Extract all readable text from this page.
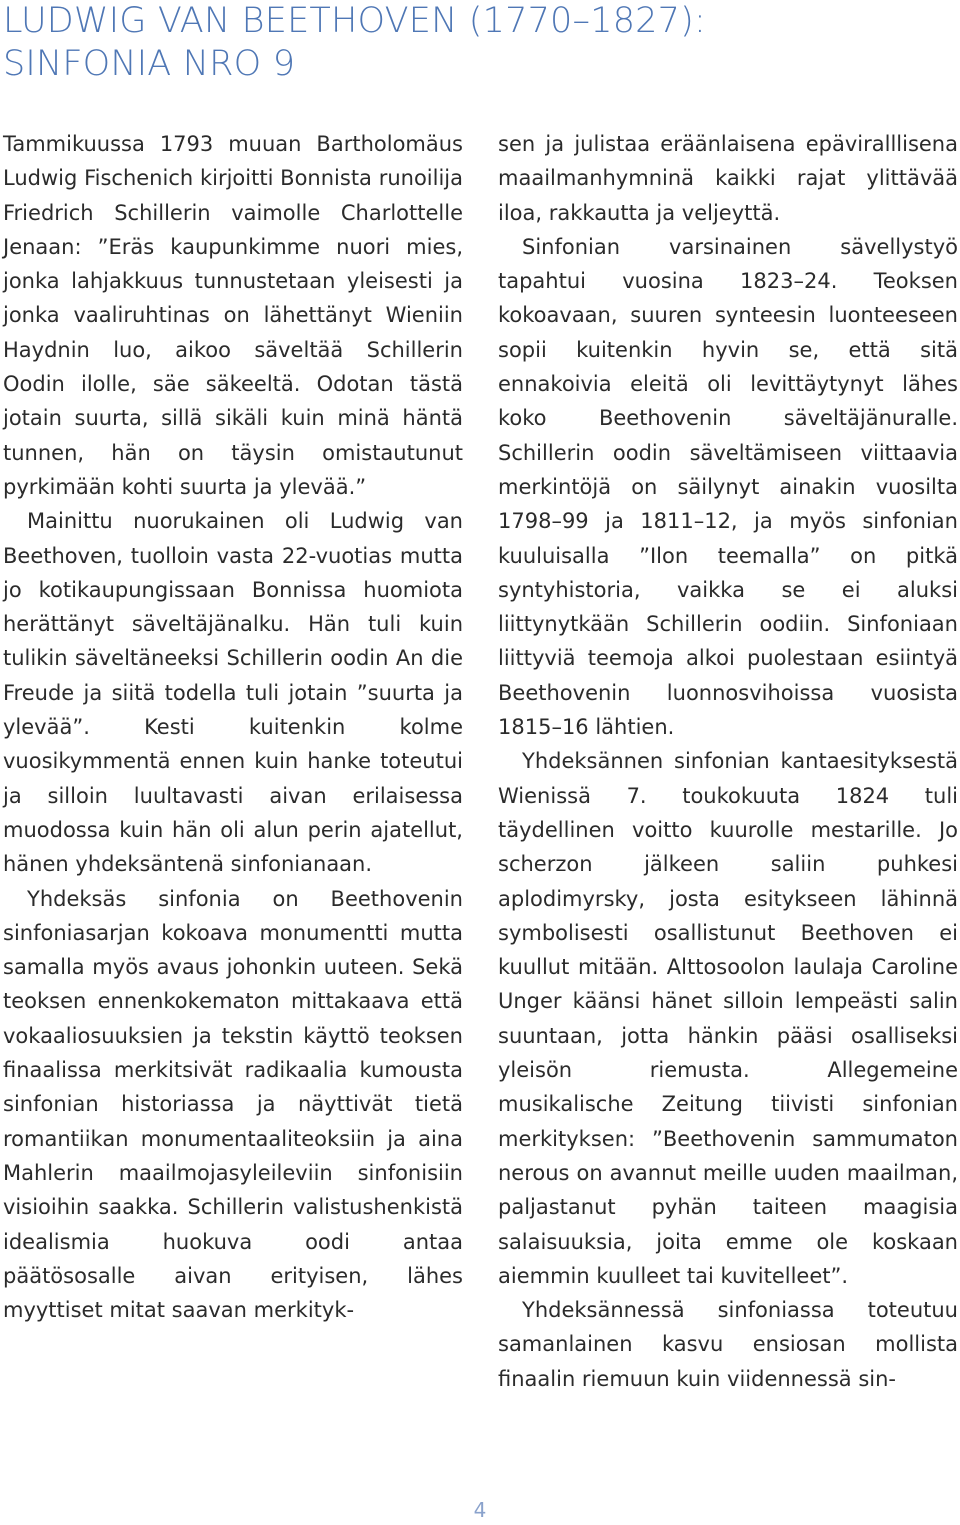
LUDWIG VAN BEETHOVEN (1770–1827):
SINFONIA NRO 9

Tammikuussa 1793 muuan Bartholomäus Ludwig Fischenich kirjoitti Bonnista runoilija Friedrich Schillerin vaimolle Charlottelle Jenaan: ”Eräs kaupunkimme nuori mies, jonka lahjakkuus tunnustetaan yleisesti ja jonka vaaliruhtinas on lähettänyt Wieniin Haydnin luo, aikoo säveltää Schillerin Oodin ilolle, säe säkeeltä. Odotan tästä jotain suurta, sillä sikäli kuin minä häntä tunnen, hän on täysin omistautunut pyrkimään kohti suurta ja ylevää.”

Mainittu nuorukainen oli Ludwig van Beethoven, tuolloin vasta 22-vuotias mutta jo kotikaupungissaan Bonnissa huomiota herättänyt säveltäjänalku. Hän tuli kuin tulikin säveltäneeksi Schillerin oodin An die Freude ja siitä todella tuli jotain ”suurta ja ylevää”. Kesti kuitenkin kolme vuosikymmentä ennen kuin hanke toteutui ja silloin luultavasti aivan erilaisessa muodossa kuin hän oli alun perin ajatellut, hänen yhdeksäntenä sinfonianaan.

Yhdeksäs sinfonia on Beethovenin sinfoniasarjan kokoava monumentti mutta samalla myös avaus johonkin uuteen. Sekä teoksen ennenkokematon mittakaava että vokaaliosuuksien ja tekstin käyttö teoksen finaalissa merkitsivät radikaalia kumousta sinfonian historiassa ja näyttivät tietä romantiikan monumentaaliteoksiin ja aina Mahlerin maailmojasyleileviin sinfonisiin visioihin saakka. Schillerin valistushenkistä idealismia huokuva oodi antaa päätösosalle aivan erityisen, lähes myyttiset mitat saavan merkityk-

sen ja julistaa eräänlaisena epäviralllisena maailmanhymninä kaikki rajat ylittävää iloa, rakkautta ja veljeyttä.

Sinfonian varsinainen sävellystyö tapahtui vuosina 1823–24. Teoksen kokoavaan, suuren synteesin luonteeseen sopii kuitenkin hyvin se, että sitä ennakoivia eleitä oli levittäytynyt lähes koko Beethovenin säveltäjänuralle. Schillerin oodin säveltämiseen viittaavia merkintöjä on säilynyt ainakin vuosilta 1798–99 ja 1811–12, ja myös sinfonian kuuluisalla ”Ilon teemalla” on pitkä syntyhistoria, vaikka se ei aluksi liittynytkään Schillerin oodiin. Sinfoniaan liittyviä teemoja alkoi puolestaan esiintyä Beethovenin luonnosvihoissa vuosista 1815–16 lähtien.

Yhdeksännen sinfonian kantaesityksestä Wienissä 7. toukokuuta 1824 tuli täydellinen voitto kuurolle mestarille. Jo scherzon jälkeen saliin puhkesi aplodimyrsky, josta esitykseen lähinnä symbolisesti osallistunut Beethoven ei kuullut mitään. Alttosoolon laulaja Caroline Unger käänsi hänet silloin lempeästi salin suuntaan, jotta hänkin pääsi osalliseksi yleisön riemusta. Allegemeine musikalische Zeitung tiivisti sinfonian merkityksen: ”Beethovenin sammumaton nerous on avannut meille uuden maailman, paljastanut pyhän taiteen maagisia salaisuuksia, joita emme ole koskaan aiemmin kuulleet tai kuvitelleet”.

Yhdeksännessä sinfoniassa toteutuu samanlainen kasvu ensiosan mollista finaalin riemuun kuin viidennessä sin-

4
